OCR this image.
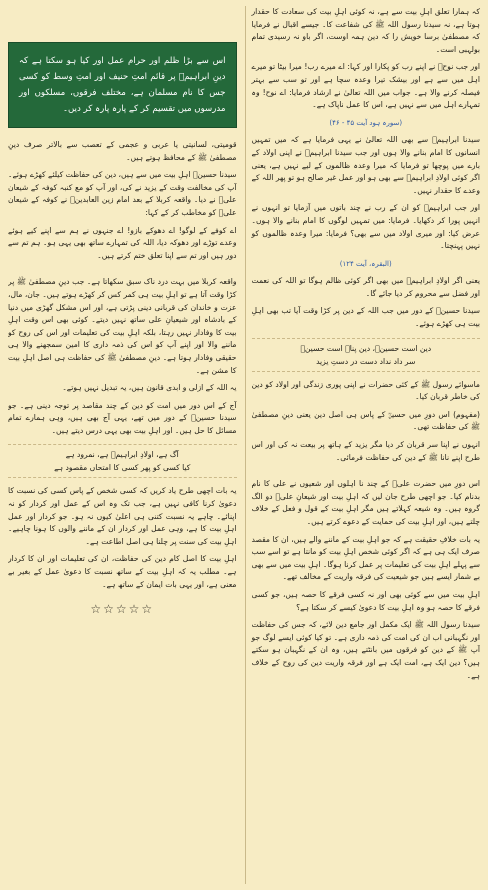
کہ ہمارا تعلق اہلِ بیت سے ہے، نہ کوئی اہلِ بیت کی سعادت کا حقدار ہوتا ہے، نہ سیدنا رسول اللہ ﷺ کی شفاعت کا۔ جیسے اقبال نے فرمایا کہ مصطفیٰ برسا خویش را کہ دین ہمہ اوست، اگر باو نہ رسیدی تمام بولہبی است۔

اور جب نوحؑ نے اپنے رب کو پکارا اور کہا: اے میرے رب! میرا بیٹا تو میرے اہل میں سے ہے اور بیشک تیرا وعدہ سچا ہے اور تو سب سے بہتر فیصلہ کرنے والا ہے۔ جواب میں اللہ تعالیٰ نے ارشاد فرمایا: اے نوح! وہ تمہارے اہل میں سے نہیں ہے، اس کا عمل ناپاک ہے۔

(سورہ ہود آیت ۴۵ - ۴۶)

سیدنا ابراہیمؑ سے بھی اللہ تعالیٰ نے یہی فرمایا ہے کہ میں تمہیں انسانوں کا امام بنانے والا ہوں اور جب سیدنا ابراہیمؑ نے اپنی اولاد کے بارے میں پوچھا تو فرمایا کہ میرا وعدہ ظالموں کے لیے نہیں ہے، یعنی اگر کوئی اولادِ ابراہیمؑ سے بھی ہو اور عمل غیر صالح ہو تو پھر اللہ کے وعدے کا حقدار نہیں۔

اور جب ابراہیمؑ کو ان کے رب نے چند باتوں میں آزمایا تو انہوں نے انہیں پورا کر دکھایا۔ فرمایا: میں تمہیں لوگوں کا امام بنانے والا ہوں۔ عرض کیا: اور میری اولاد میں سے بھی؟ فرمایا: میرا وعدہ ظالموں کو نہیں پہنچتا۔

(البقرہ، آیت ۱۲۴)

یعنی اگر اولادِ ابراہیمؑ میں بھی اگر کوئی ظالم ہوگا تو اللہ کی نعمت اور فضل سے محروم کر دیا جائے گا۔

سیدنا حسینؓ کے دور میں جب اللہ کے دین پر کڑا وقت آیا تب بھی اہلِ بیت ہی کھڑے ہوئے۔

دین است حسینؓ، دین پناہ است حسینؓ
سر داد نداد دست در دستِ یزید

ماسوائے رسول ﷺ کے کئی حضرات نے اپنی پوری زندگی اور اولاد کو دین کی خاطر قربان کیا۔

(مفہوم) اس دورِ میں حسینؓ کے پاس ہی اصل دین یعنی دینِ مصطفیٰ ﷺ کی حفاظت تھی۔

انہوں نے اپنا سر قربان کر دیا مگر یزید کے ہاتھ پر بیعت نہ کی اور اس طرح اپنے نانا ﷺ کے دین کی حفاظت فرمائی۔

اس دورِ میں حضرت علیؓ کے چند نا اہلوں اور شعیوں نے علی کا نام بدنام کیا۔ جو اچھی طرح جان لیں کہ اہلِ بیت اور شیعانِ علیؓ دو الگ گروہ ہیں۔ وہ شیعہ کہلاتے ہیں مگر اہلِ بیت کے قول و فعل کے خلاف چلتے ہیں، اور اہلِ بیت کی حمایت کے دعوے کرتے ہیں۔

یہ بات خلافِ حقیقت ہے کہ جو اہلِ بیت کے ماننے والے ہیں، ان کا مقصد صرف ایک ہی ہے کہ اگر کوئی شخص اہلِ بیت کو مانتا ہے تو اسے سب سے پہلے اہلِ بیت کی تعلیمات پر عمل کرنا ہوگا۔ اہلِ بیت میں سے بھی بے شمار ایسے ہیں جو شیعیت کی فرقہ واریت کے مخالف تھے۔

اہلِ بیت میں سے کوئی بھی اور نہ کسی فرقے کا حصہ ہیں، جو کسی فرقے کا حصہ ہو وہ اہلِ بیت کا دعویٰ کیسے کر سکتا ہے؟

سیدنا رسول اللہ ﷺ ایک مکمل اور جامع دین لائے، کہ جس کی حفاظت اور نگہبانی اب ان کی امت کی ذمہ داری ہے۔ تو کیا کوئی ایسے لوگ جو آپ ﷺ کے دین کو فرقوں میں بانٹتے ہیں، وہ ان کے نگہبان ہو سکتے ہیں؟ دین ایک ہے، امت ایک ہے اور فرقہ واریت دین کی روح کے خلاف ہے۔

اس سے بڑا ظلم اور حرام عمل اور کیا ہو سکتا ہے کہ دینِ ابراہیمؑ پر قائم امتِ حنیف اور امتِ وسط کو کسی جس کا نام مسلمان ہے، مختلف فرقوں، مسلکوں اور مدرسوں میں تقسیم کر کے پارہ پارہ کر دیں۔

قومیتی، لسانیتی یا عربی و عجمی کے تعصب سے بالاتر صرف دینِ مصطفیٰ ﷺ کے محافظ ہوتے ہیں۔

سیدنا حسینؓ اہلِ بیت میں سے ہیں، دین کی حفاظت کیلئے کھڑے ہوئے۔ آپ کی مخالفت وقت کے یزید نے کی، اور آپ کو مع کنبہ کوفہ کے شیعان علیؓ نے دیا۔ واقعہ کربلا کے بعد امام زین العابدینؓ نے کوفہ کے شیعان علیؓ کو مخاطب کر کے کہا:

اے کوفے کے لوگو! اے دھوکے بازو! اے جنہوں نے ہم سے اپنے کیے ہوئے وعدے توڑے اور دھوکہ دیا، اللہ کی تمہارے ساتھ بھی یہی ہو۔ ہم تم سے دور ہیں اور تم سے اپنا تعلق ختم کرتے ہیں۔

واقعہ کربلا میں بہت درد ناک سبق سکھاتا ہے۔ جب دینِ مصطفیٰ ﷺ پر کڑا وقت آتا ہے تو اہلِ بیت ہی کمر کس کر کھڑے ہوتے ہیں۔ جان، مال، عزت و خاندان کی قربانی دینی پڑتی ہے، اور اس مشکل گھڑی میں دنیا کے بادشاہ اور شیعیانِ علی ساتھ نہیں دیتے۔ کوئی بھی اس وقت اہلِ بیت کا وفادار نہیں رہتا، بلکہ اہلِ بیت کی تعلیمات اور اس کی روح کو ماننے والا اور اپنے آپ کو اس کی ذمہ داری کا امین سمجھنے والا ہی حقیقی وفادار ہوتا ہے۔ دینِ مصطفیٰ ﷺ کی حفاظت ہی اصل اہلِ بیت کا مشن ہے۔

یہ اللہ کے ازلی و ابدی قانون ہیں، یہ تبدیل نہیں ہوتے۔

آج کے اس دور میں امت کو دین کے چند مقاصد پر توجہ دینی ہے۔ جو سیدنا حسینؓ کے دور میں تھے، یہی آج بھی ہیں، وہی ہمارے تمام مسائل کا حل ہیں۔ اور اہلِ بیت بھی یہی درس دیتے ہیں۔

آگ ہے، اولادِ ابراہیمؑ ہے، نمرود ہے
کیا کسی کو پھر کسی کا امتحاں مقصود ہے

یہ بات اچھی طرح یاد کریں کہ کسی شخص کے پاس کسی کی نسبت کا دعویٰ کرنا کافی نہیں ہے، جب تک وہ اس کے عمل اور کردار کو نہ اپنائے۔ چاہے یہ نسبت کتنی ہی اعلیٰ کیوں نہ ہو۔ جو کردار اور عمل اہلِ بیت کا ہے، وہی عمل اور کردار ان کے ماننے والوں کا ہونا چاہیے۔ اہلِ بیت کی سنت پر چلنا ہی اصل اطاعت ہے۔

اہلِ بیت کا اصل کام دین کی حفاظت، ان کی تعلیمات اور ان کا کردار ہے۔ مطلب یہ کہ اہلِ بیت کے ساتھ نسبت کا دعویٰ عمل کے بغیر بے معنی ہے، اور یہی بات ایمان کے ساتھ ہے۔

☆☆☆☆☆
